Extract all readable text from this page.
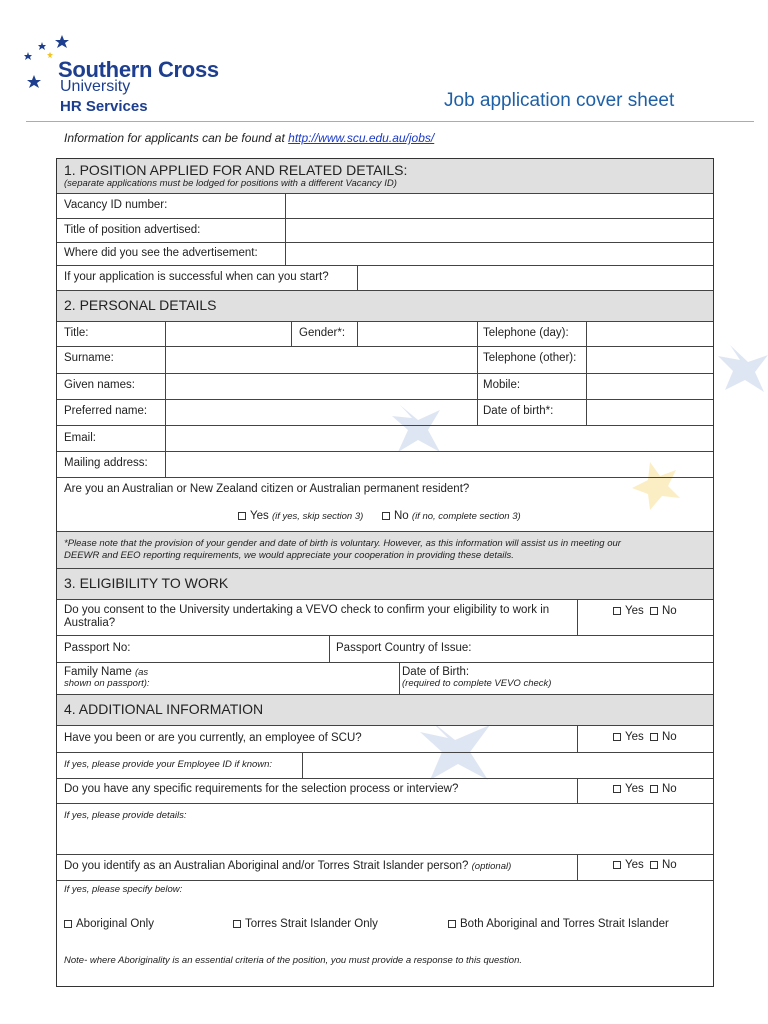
Southern Cross
University
HR Services	Job application cover sheet
Information for applicants can be found at http://www.scu.edu.au/jobs/
1. POSITION APPLIED FOR AND RELATED DETAILS:
(separate applications must be lodged for positions with a different Vacancy ID)
Vacancy ID number:
Title of position advertised:
Where did you see the advertisement:
If your application is successful when can you start?
2. PERSONAL DETAILS
Title:	Gender*:	Telephone (day):
Surname:	Telephone (other):
Given names:	Mobile:
Preferred name:	Date of birth*:
Email:
Mailing address:
Are you an Australian or New Zealand citizen or Australian permanent resident?
Yes (if yes, skip section 3)	No (if no, complete section 3)
*Please note that the provision of your gender and date of birth is voluntary. However, as this information will assist us in meeting our
DEEWR and EEO reporting requirements, we would appreciate your cooperation in providing these details.
3. ELIGIBILITY TO WORK
Do you consent to the University undertaking a VEVO check to confirm your eligibility to work in
Australia?
Yes No
Passport No:	Passport Country of Issue:
Family Name (as
shown on passport):
Date of Birth:
(required to complete VEVO check)
4. ADDITIONAL INFORMATION
Have you been or are you currently, an employee of SCU?	Yes No
If yes, please provide your Employee ID if known:
Do you have any specific requirements for the selection process or interview?	Yes No
If yes, please provide details:
Do you identify as an Australian Aboriginal and/or Torres Strait Islander person? (optional)	Yes No
If yes, please specify below:
Aboriginal Only	Torres Strait Islander Only	Both Aboriginal and Torres Strait Islander
Note- where Aboriginality is an essential criteria of the position, you must provide a response to this question.
